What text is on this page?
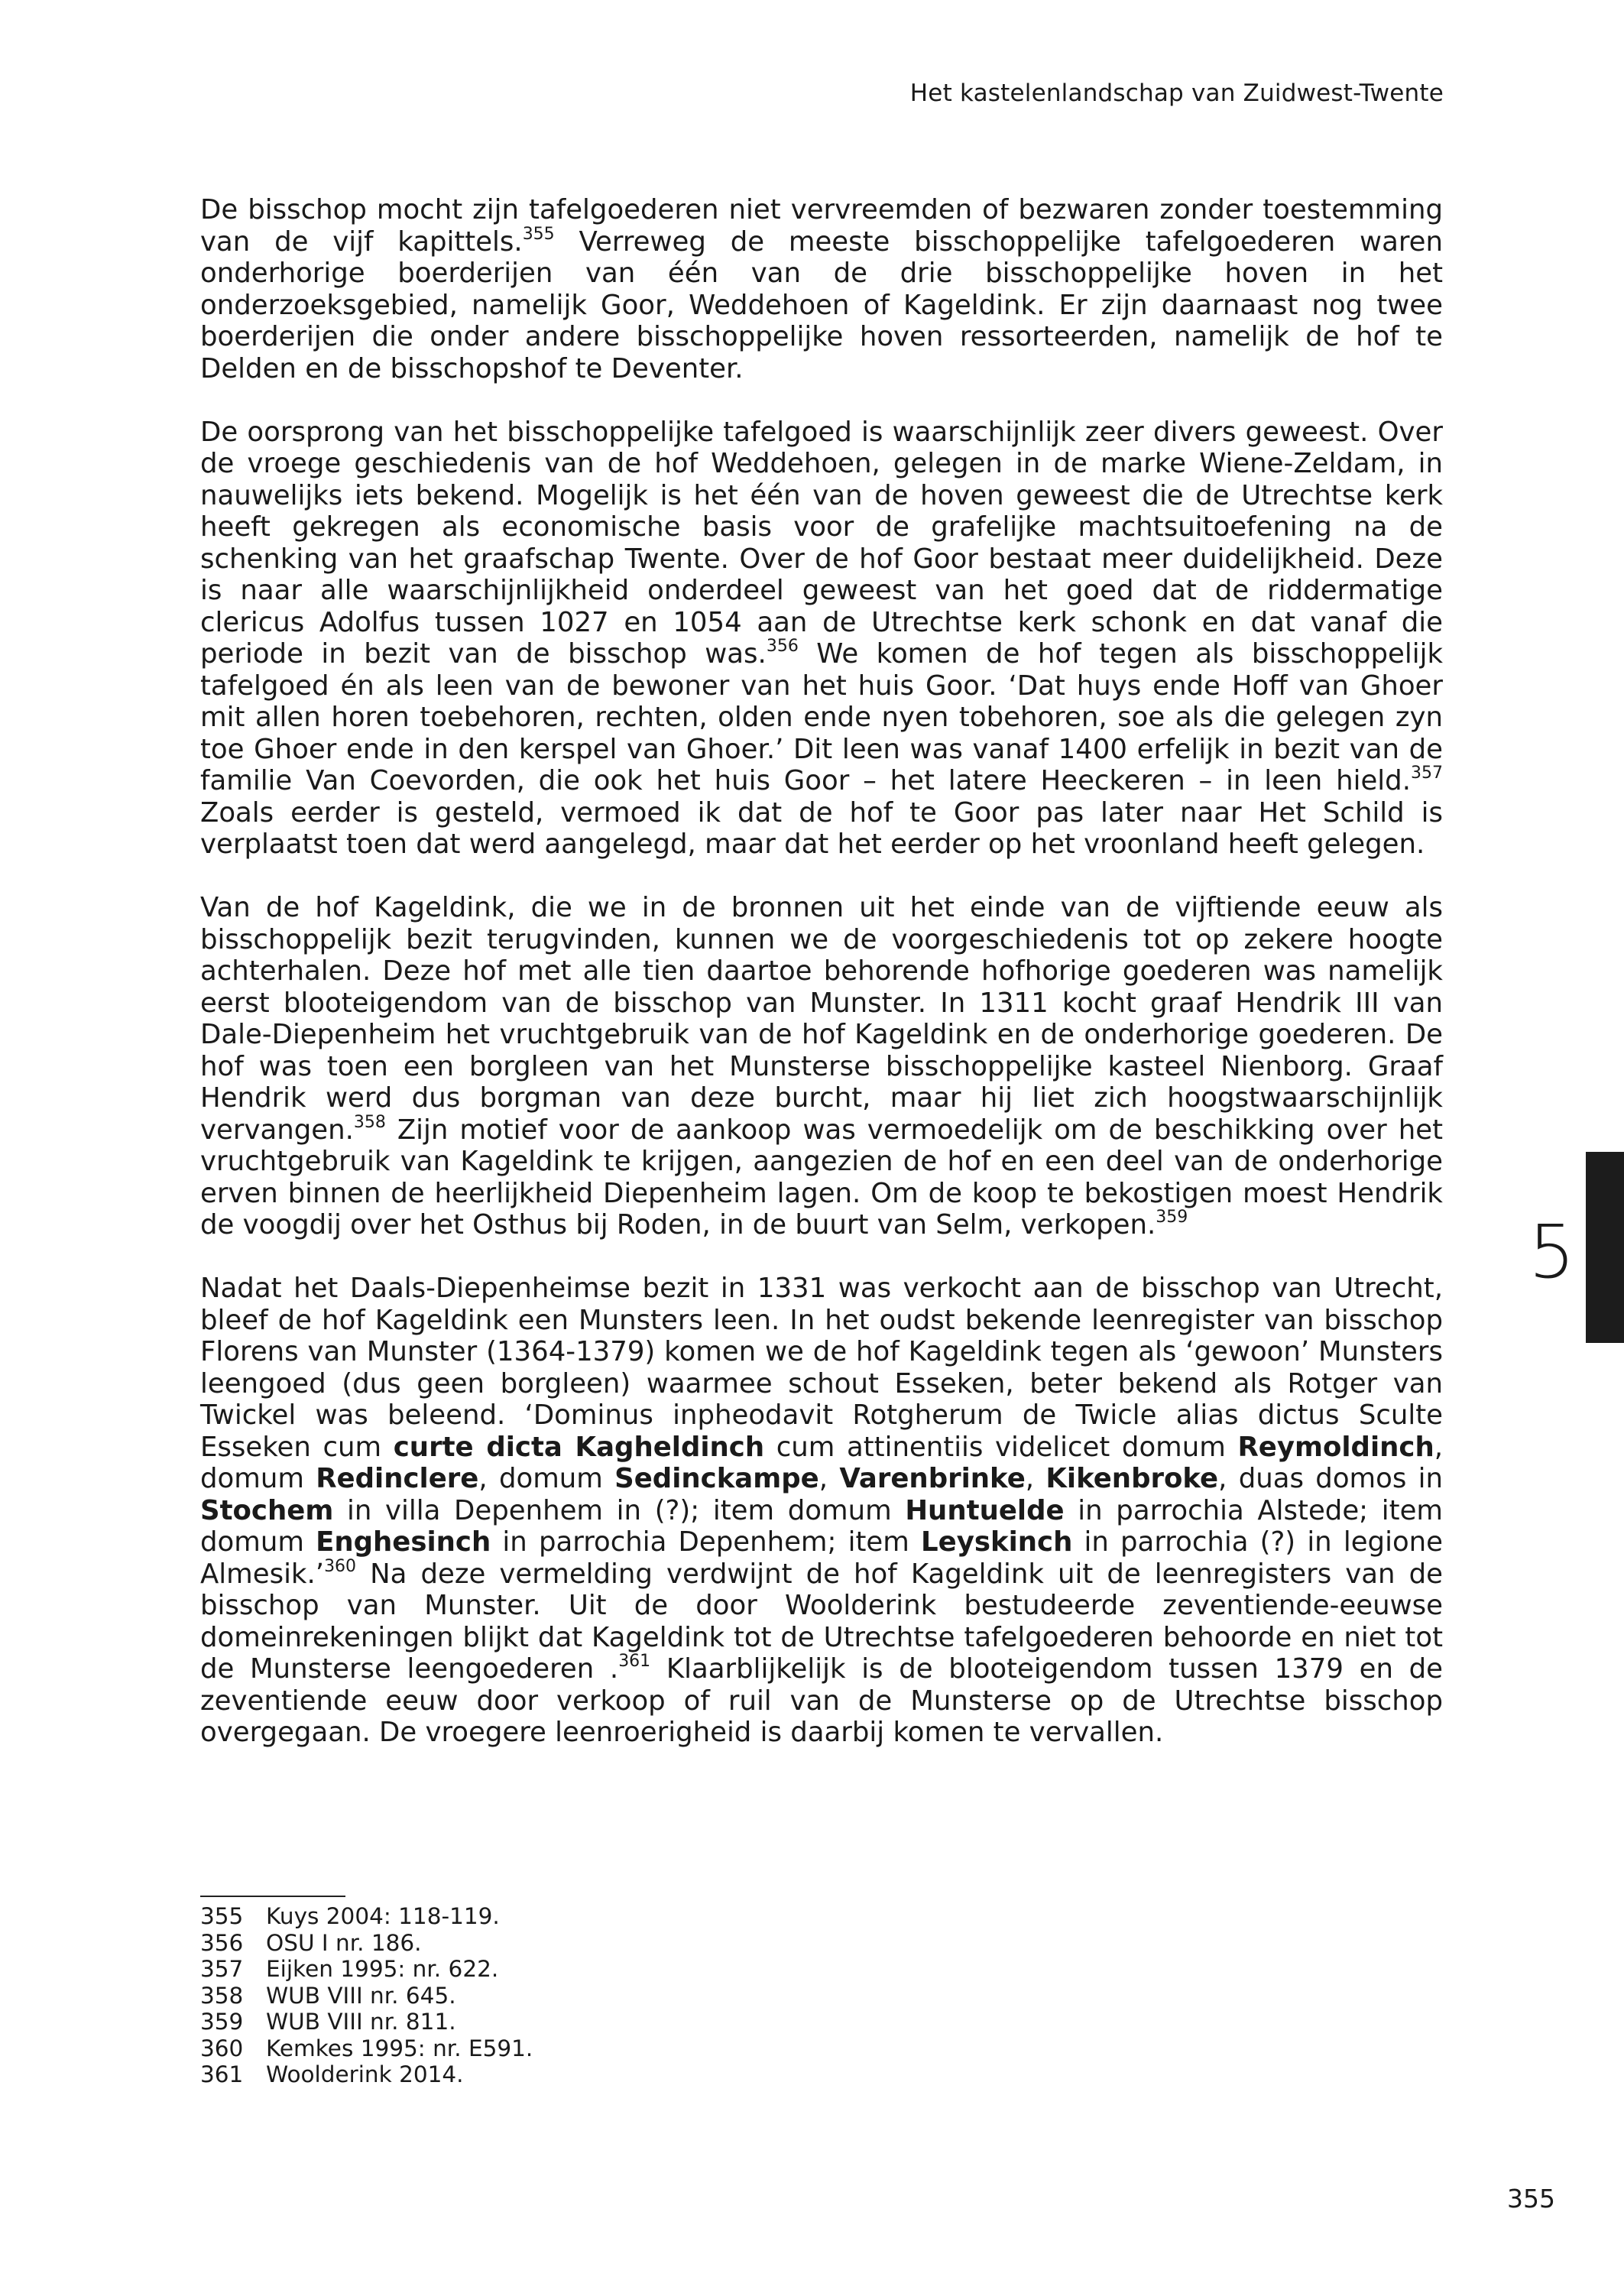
Het kastelenlandschap van Zuidwest-Twente

De bisschop mocht zijn tafelgoederen niet vervreemden of bezwaren zonder toestemming van de vijf kapittels.$^{355}$ Verreweg de meeste bisschoppelijke tafelgoederen waren onderhorige boerderijen van één van de drie bisschoppelijke hoven in het onderzoeksgebied, namelijk Goor, Weddehoen of Kageldink. Er zijn daarnaast nog twee boerderijen die onder andere bisschoppelijke hoven ressorteerden, namelijk de hof te Delden en de bisschopshof te Deventer.

De oorsprong van het bisschoppelijke tafelgoed is waarschijnlijk zeer divers geweest. Over de vroege geschiedenis van de hof Weddehoen, gelegen in de marke Wiene-Zeldam, in nauwelijks iets bekend. Mogelijk is het één van de hoven geweest die de Utrechtse kerk heeft gekregen als economische basis voor de grafelijke machtsuitoefening na de schenking van het graafschap Twente. Over de hof Goor bestaat meer duidelijkheid. Deze is naar alle waarschijnlijkheid onderdeel geweest van het goed dat de riddermatige clericus Adolfus tussen 1027 en 1054 aan de Utrechtse kerk schonk en dat vanaf die periode in bezit van de bisschop was.$^{356}$ We komen de hof tegen als bisschoppelijk tafelgoed én als leen van de bewoner van het huis Goor. ‘Dat huys ende Hoff van Ghoer mit allen horen toebehoren, rechten, olden ende nyen tobehoren, soe als die gelegen zyn toe Ghoer ende in den kerspel van Ghoer.’ Dit leen was vanaf 1400 erfelijk in bezit van de familie Van Coevorden, die ook het huis Goor – het latere Heeckeren – in leen hield.$^{357}$ Zoals eerder is gesteld, vermoed ik dat de hof te Goor pas later naar Het Schild is verplaatst toen dat werd aangelegd, maar dat het eerder op het vroonland heeft gelegen.

Van de hof Kageldink, die we in de bronnen uit het einde van de vijftiende eeuw als bisschoppelijk bezit terugvinden, kunnen we de voorgeschiedenis tot op zekere hoogte achterhalen. Deze hof met alle tien daartoe behorende hofhorige goederen was namelijk eerst blooteigendom van de bisschop van Munster. In 1311 kocht graaf Hendrik III van Dale-Diepenheim het vruchtgebruik van de hof Kageldink en de onderhorige goederen. De hof was toen een borgleen van het Munsterse bisschoppelijke kasteel Nienborg. Graaf Hendrik werd dus borgman van deze burcht, maar hij liet zich hoogstwaarschijnlijk vervangen.$^{358}$ Zijn motief voor de aankoop was vermoedelijk om de beschikking over het vruchtgebruik van Kageldink te krijgen, aangezien de hof en een deel van de onderhorige erven binnen de heerlijkheid Diepenheim lagen. Om de koop te bekostigen moest Hendrik de voogdij over het Osthus bij Roden, in de buurt van Selm, verkopen.$^{359}$

Nadat het Daals-Diepenheimse bezit in 1331 was verkocht aan de bisschop van Utrecht, bleef de hof Kageldink een Munsters leen. In het oudst bekende leenregister van bisschop Florens van Munster (1364-1379) komen we de hof Kageldink tegen als ‘gewoon’ Munsters leengoed (dus geen borgleen) waarmee schout Esseken, beter bekend als Rotger van Twickel was beleend. ‘Dominus inpheodavit Rotgherum de Twicle alias dictus Sculte Esseken cum curte dicta Kagheldinch cum attinentiis videlicet domum Reymoldinch, domum Redinclere, domum Sedinckampe, Varenbrinke, Kikenbroke, duas domos in Stochem in villa Depenhem in (?); item domum Huntuelde in parrochia Alstede; item domum Enghesinch in parrochia Depenhem; item Leyskinch in parrochia (?) in legione Almesik.’$^{360}$ Na deze vermelding verdwijnt de hof Kageldink uit de leenregisters van de bisschop van Munster. Uit de door Woolderink bestudeerde zeventiende-eeuwse domeinrekeningen blijkt dat Kageldink tot de Utrechtse tafelgoederen behoorde en niet tot de Munsterse leengoederen .$^{361}$ Klaarblijkelijk is de blooteigendom tussen 1379 en de zeventiende eeuw door verkoop of ruil van de Munsterse op de Utrechtse bisschop overgegaan. De vroegere leenroerigheid is daarbij komen te vervallen.

355	Kuys 2004: 118-119.
356	OSU I nr. 186.
357	Eijken 1995: nr. 622.
358	WUB VIII nr. 645.
359	WUB VIII nr. 811.
360	Kemkes 1995: nr. E591.
361	Woolderink 2014.
5
355
